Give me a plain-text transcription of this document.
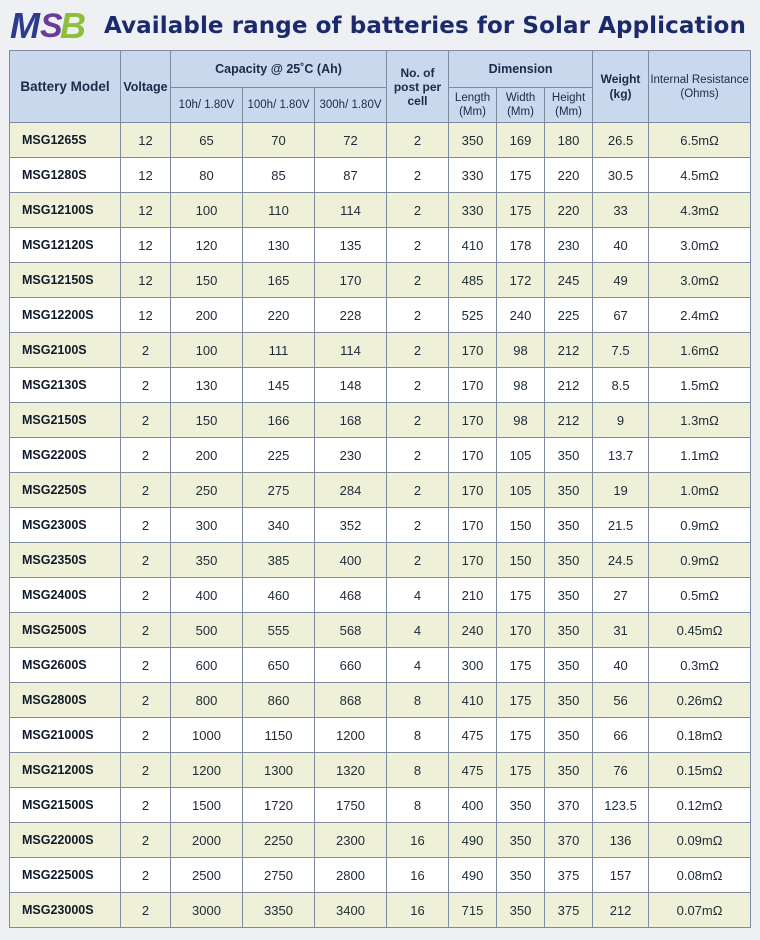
M S B Available range of batteries for Solar Application
Battery Model	Voltage	Capacity @ 25˚C (Ah)			No. of post per cell	Dimension			Weight (kg)	Internal Resistance (Ohms)
		10h/ 1.80V	100h/ 1.80V	300h/ 1.80V		Length (Mm)	Width (Mm)	Height (Mm)		
MSG1265S	12	65	70	72	2	350	169	180	26.5	6.5mΩ
MSG1280S	12	80	85	87	2	330	175	220	30.5	4.5mΩ
MSG12100S	12	100	110	114	2	330	175	220	33	4.3mΩ
MSG12120S	12	120	130	135	2	410	178	230	40	3.0mΩ
MSG12150S	12	150	165	170	2	485	172	245	49	3.0mΩ
MSG12200S	12	200	220	228	2	525	240	225	67	2.4mΩ
MSG2100S	2	100	111	114	2	170	98	212	7.5	1.6mΩ
MSG2130S	2	130	145	148	2	170	98	212	8.5	1.5mΩ
MSG2150S	2	150	166	168	2	170	98	212	9	1.3mΩ
MSG2200S	2	200	225	230	2	170	105	350	13.7	1.1mΩ
MSG2250S	2	250	275	284	2	170	105	350	19	1.0mΩ
MSG2300S	2	300	340	352	2	170	150	350	21.5	0.9mΩ
MSG2350S	2	350	385	400	2	170	150	350	24.5	0.9mΩ
MSG2400S	2	400	460	468	4	210	175	350	27	0.5mΩ
MSG2500S	2	500	555	568	4	240	170	350	31	0.45mΩ
MSG2600S	2	600	650	660	4	300	175	350	40	0.3mΩ
MSG2800S	2	800	860	868	8	410	175	350	56	0.26mΩ
MSG21000S	2	1000	1150	1200	8	475	175	350	66	0.18mΩ
MSG21200S	2	1200	1300	1320	8	475	175	350	76	0.15mΩ
MSG21500S	2	1500	1720	1750	8	400	350	370	123.5	0.12mΩ
MSG22000S	2	2000	2250	2300	16	490	350	370	136	0.09mΩ
MSG22500S	2	2500	2750	2800	16	490	350	375	157	0.08mΩ
MSG23000S	2	3000	3350	3400	16	715	350	375	212	0.07mΩ
